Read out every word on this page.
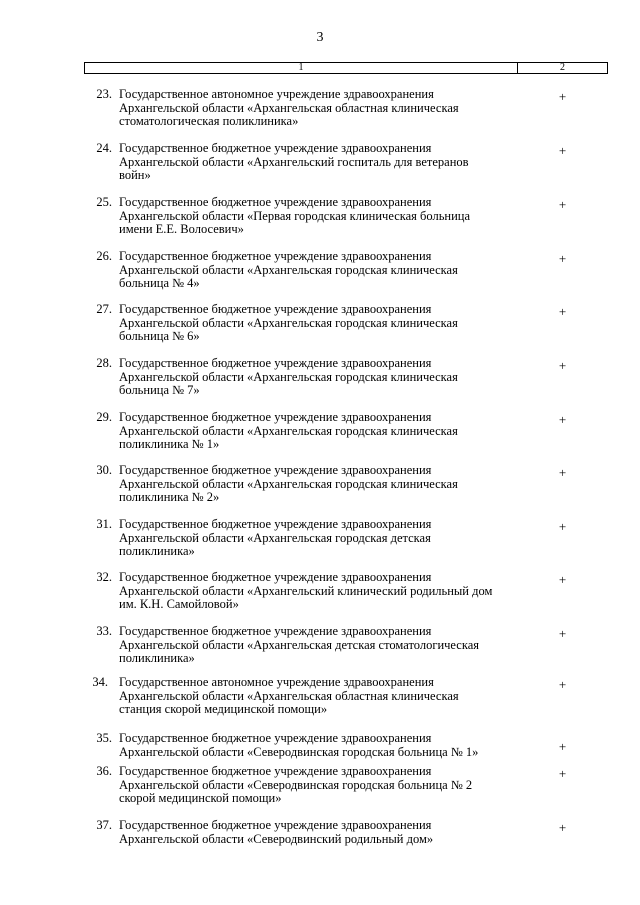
3
1	2
23. Государственное автономное учреждение здравоохранения
Архангельской области «Архангельская областная клиническая
стоматологическая поликлиника»
+
24. Государственное бюджетное учреждение здравоохранения
Архангельской области «Архангельский госпиталь для ветеранов
войн»
+
25. Государственное бюджетное учреждение здравоохранения
Архангельской области «Первая городская клиническая больница
имени Е.Е. Волосевич»
+
26. Государственное бюджетное учреждение здравоохранения
Архангельской области «Архангельская городская клиническая
больница № 4»
+
27. Государственное бюджетное учреждение здравоохранения
Архангельской области «Архангельская городская клиническая
больница № 6»
+
28. Государственное бюджетное учреждение здравоохранения
Архангельской области «Архангельская городская клиническая
больница № 7»
+
29. Государственное бюджетное учреждение здравоохранения
Архангельской области «Архангельская городская клиническая
поликлиника № 1»
+
30. Государственное бюджетное учреждение здравоохранения
Архангельской области «Архангельская городская клиническая
поликлиника № 2»
+
31. Государственное бюджетное учреждение здравоохранения
Архангельской области «Архангельская городская детская
поликлиника»
+
32. Государственное бюджетное учреждение здравоохранения
Архангельской области «Архангельский клинический родильный дом
им. К.Н. Самойловой»
+
33. Государственное бюджетное учреждение здравоохранения
Архангельской области «Архангельская детская стоматологическая
поликлиника»
+
34. Государственное автономное учреждение здравоохранения
Архангельской области «Архангельская областная клиническая
станция скорой медицинской помощи»
+
35. Государственное бюджетное учреждение здравоохранения
Архангельской области «Северодвинская городская больница № 1»	+
36. Государственное бюджетное учреждение здравоохранения
Архангельской области «Северодвинская городская больница № 2
скорой медицинской помощи»
+
37. Государственное бюджетное учреждение здравоохранения
Архангельской области «Северодвинский родильный дом»
+
